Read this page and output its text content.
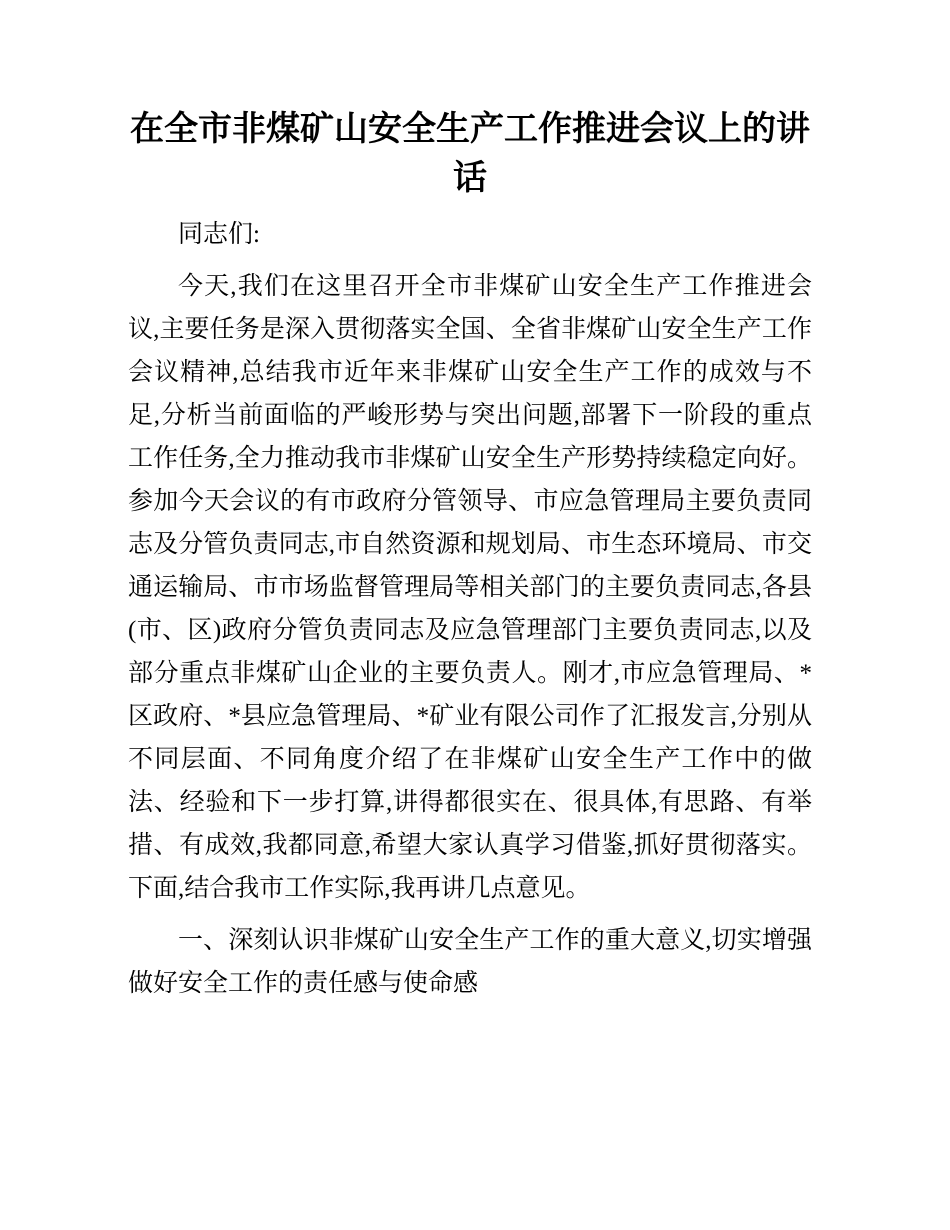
在全市非煤矿山安全生产工作推进会议上的讲话

同志们:

今天,我们在这里召开全市非煤矿山安全生产工作推进会议,主要任务是深入贯彻落实全国、全省非煤矿山安全生产工作会议精神,总结我市近年来非煤矿山安全生产工作的成效与不足,分析当前面临的严峻形势与突出问题,部署下一阶段的重点工作任务,全力推动我市非煤矿山安全生产形势持续稳定向好。参加今天会议的有市政府分管领导、市应急管理局主要负责同志及分管负责同志,市自然资源和规划局、市生态环境局、市交通运输局、市市场监督管理局等相关部门的主要负责同志,各县(市、区)政府分管负责同志及应急管理部门主要负责同志,以及部分重点非煤矿山企业的主要负责人。刚才,市应急管理局、*区政府、*县应急管理局、*矿业有限公司作了汇报发言,分别从不同层面、不同角度介绍了在非煤矿山安全生产工作中的做法、经验和下一步打算,讲得都很实在、很具体,有思路、有举措、有成效,我都同意,希望大家认真学习借鉴,抓好贯彻落实。下面,结合我市工作实际,我再讲几点意见。

一、深刻认识非煤矿山安全生产工作的重大意义,切实增强做好安全工作的责任感与使命感
